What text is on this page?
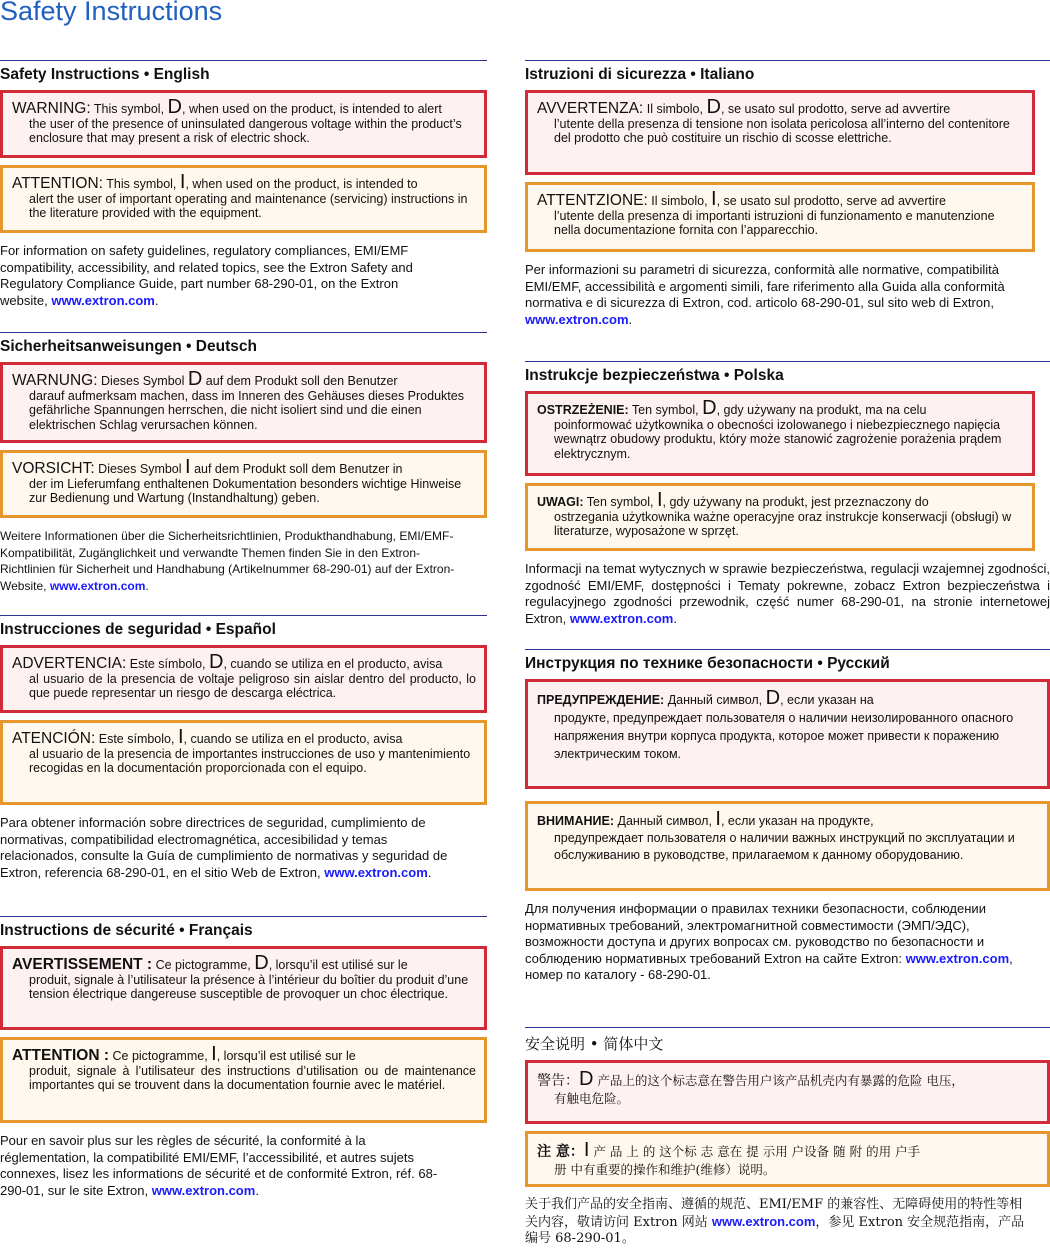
Safety Instructions
Safety Instructions • English
WARNING: This symbol, D, when used on the product, is intended to alert
the user of the presence of uninsulated dangerous voltage within the product’s enclosure that may present a risk of electric shock.
ATTENTION: This symbol, I, when used on the product, is intended to
alert the user of important operating and maintenance (servicing) instructions in the literature provided with the equipment.
For information on safety guidelines, regulatory compliances, EMI/EMF compatibility, accessibility, and related topics, see the Extron Safety and Regulatory Compliance Guide, part number 68-290-01, on the Extron website, www.extron.com.
Sicherheitsanweisungen • Deutsch
WARNUNG: Dieses Symbol D auf dem Produkt soll den Benutzer
darauf aufmerksam machen, dass im Inneren des Gehäuses dieses Produktes gefährliche Spannungen herrschen, die nicht isoliert sind und die einen elektrischen Schlag verursachen können.
VORSICHT: Dieses Symbol I auf dem Produkt soll dem Benutzer in
der im Lieferumfang enthaltenen Dokumentation besonders wichtige Hinweise zur Bedienung und Wartung (Instandhaltung) geben.
Weitere Informationen über die Sicherheitsrichtlinien, Produkthandhabung, EMI/EMF-Kompatibilität, Zugänglichkeit und verwandte Themen finden Sie in den Extron-Richtlinien für Sicherheit und Handhabung (Artikelnummer 68-290-01) auf der Extron-Website, www.extron.com.
Instrucciones de seguridad • Español
ADVERTENCIA: Este símbolo, D, cuando se utiliza en el producto, avisa
al usuario de la presencia de voltaje peligroso sin aislar dentro del producto, lo que puede representar un riesgo de descarga eléctrica.
ATENCIÓN: Este símbolo, I, cuando se utiliza en el producto, avisa
al usuario de la presencia de importantes instrucciones de uso y mantenimiento recogidas en la documentación proporcionada con el equipo.
Para obtener información sobre directrices de seguridad, cumplimiento de normativas, compatibilidad electromagnética, accesibilidad y temas relacionados, consulte la Guía de cumplimiento de normativas y seguridad de Extron, referencia 68-290-01, en el sitio Web de Extron, www.extron.com.
Instructions de sécurité • Français
AVERTISSEMENT : Ce pictogramme, D, lorsqu’il est utilisé sur le
produit, signale à l’utilisateur la présence à l’intérieur du boîtier du produit d’une tension électrique dangereuse susceptible de provoquer un choc électrique.
ATTENTION : Ce pictogramme, I, lorsqu’il est utilisé sur le
produit, signale à l’utilisateur des instructions d’utilisation ou de maintenance importantes qui se trouvent dans la documentation fournie avec le matériel.
Pour en savoir plus sur les règles de sécurité, la conformité à la réglementation, la compatibilité EMI/EMF, l’accessibilité, et autres sujets connexes, lisez les informations de sécurité et de conformité Extron, réf. 68-290-01, sur le site Extron, www.extron.com.
Istruzioni di sicurezza • Italiano
AVVERTENZA: Il simbolo, D, se usato sul prodotto, serve ad avvertire
l’utente della presenza di tensione non isolata pericolosa all’interno del contenitore del prodotto che può costituire un rischio di scosse elettriche.
ATTENTZIONE: Il simbolo, I, se usato sul prodotto, serve ad avvertire
l’utente della presenza di importanti istruzioni di funzionamento e manutenzione nella documentazione fornita con l’apparecchio.
Per informazioni su parametri di sicurezza, conformità alle normative, compatibilità EMI/EMF, accessibilità e argomenti simili, fare riferimento alla Guida alla conformità normativa e di sicurezza di Extron, cod. articolo 68-290-01, sul sito web di Extron, www.extron.com.
Instrukcje bezpieczeństwa • Polska
OSTRZEŻENIE: Ten symbol, D, gdy używany na produkt, ma na celu
poinformować użytkownika o obecności izolowanego i niebezpiecznego napięcia wewnątrz obudowy produktu, który może stanowić zagrożenie porażenia prądem elektrycznym.
UWAGI: Ten symbol, I, gdy używany na produkt, jest przeznaczony do
ostrzegania użytkownika ważne operacyjne oraz instrukcje konserwacji (obsługi) w literaturze, wyposażone w sprzęt.
Informacji na temat wytycznych w sprawie bezpieczeństwa, regulacji wzajemnej zgodności, zgodność EMI/EMF, dostępności i Tematy pokrewne, zobacz Extron bezpieczeństwa i regulacyjnego zgodności przewodnik, część numer 68-290-01, na stronie internetowej Extron, www.extron.com.
Инструкция по технике безопасности • Русский
ПРЕДУПРЕЖДЕНИЕ: Данный символ, D, если указан на
продукте, предупреждает пользователя о наличии неизолированного опасного напряжения внутри корпуса продукта, которое может привести к поражению электрическим током.
ВНИМАНИЕ: Данный символ, I, если указан на продукте,
предупреждает пользователя о наличии важных инструкций по эксплуатации и обслуживанию в руководстве, прилагаемом к данному оборудованию.
Для получения информации о правилах техники безопасности, соблюдении нормативных требований, электромагнитной совместимости (ЭМП/ЭДС), возможности доступа и других вопросах см. руководство по безопасности и соблюдению нормативных требований Extron на сайте Extron: www.extron.com, номер по каталогу - 68-290-01.
安全说明 • 简体中文
警告：D 产品上的这个标志意在警告用户该产品机壳内有暴露的危险 电压，
有触电危险。
注 意：I 产 品 上 的 这个标 志 意在 提 示用 户设备 随 附 的用 户手
册 中有重要的操作和维护(维修）说明。
关于我们产品的安全指南、遵循的规范、EMI/EMF 的兼容性、无障碍使用的特性等相关内容，敬请访问 Extron 网站 www.extron.com，参见 Extron 安全规范指南，产品编号 68-290-01。
